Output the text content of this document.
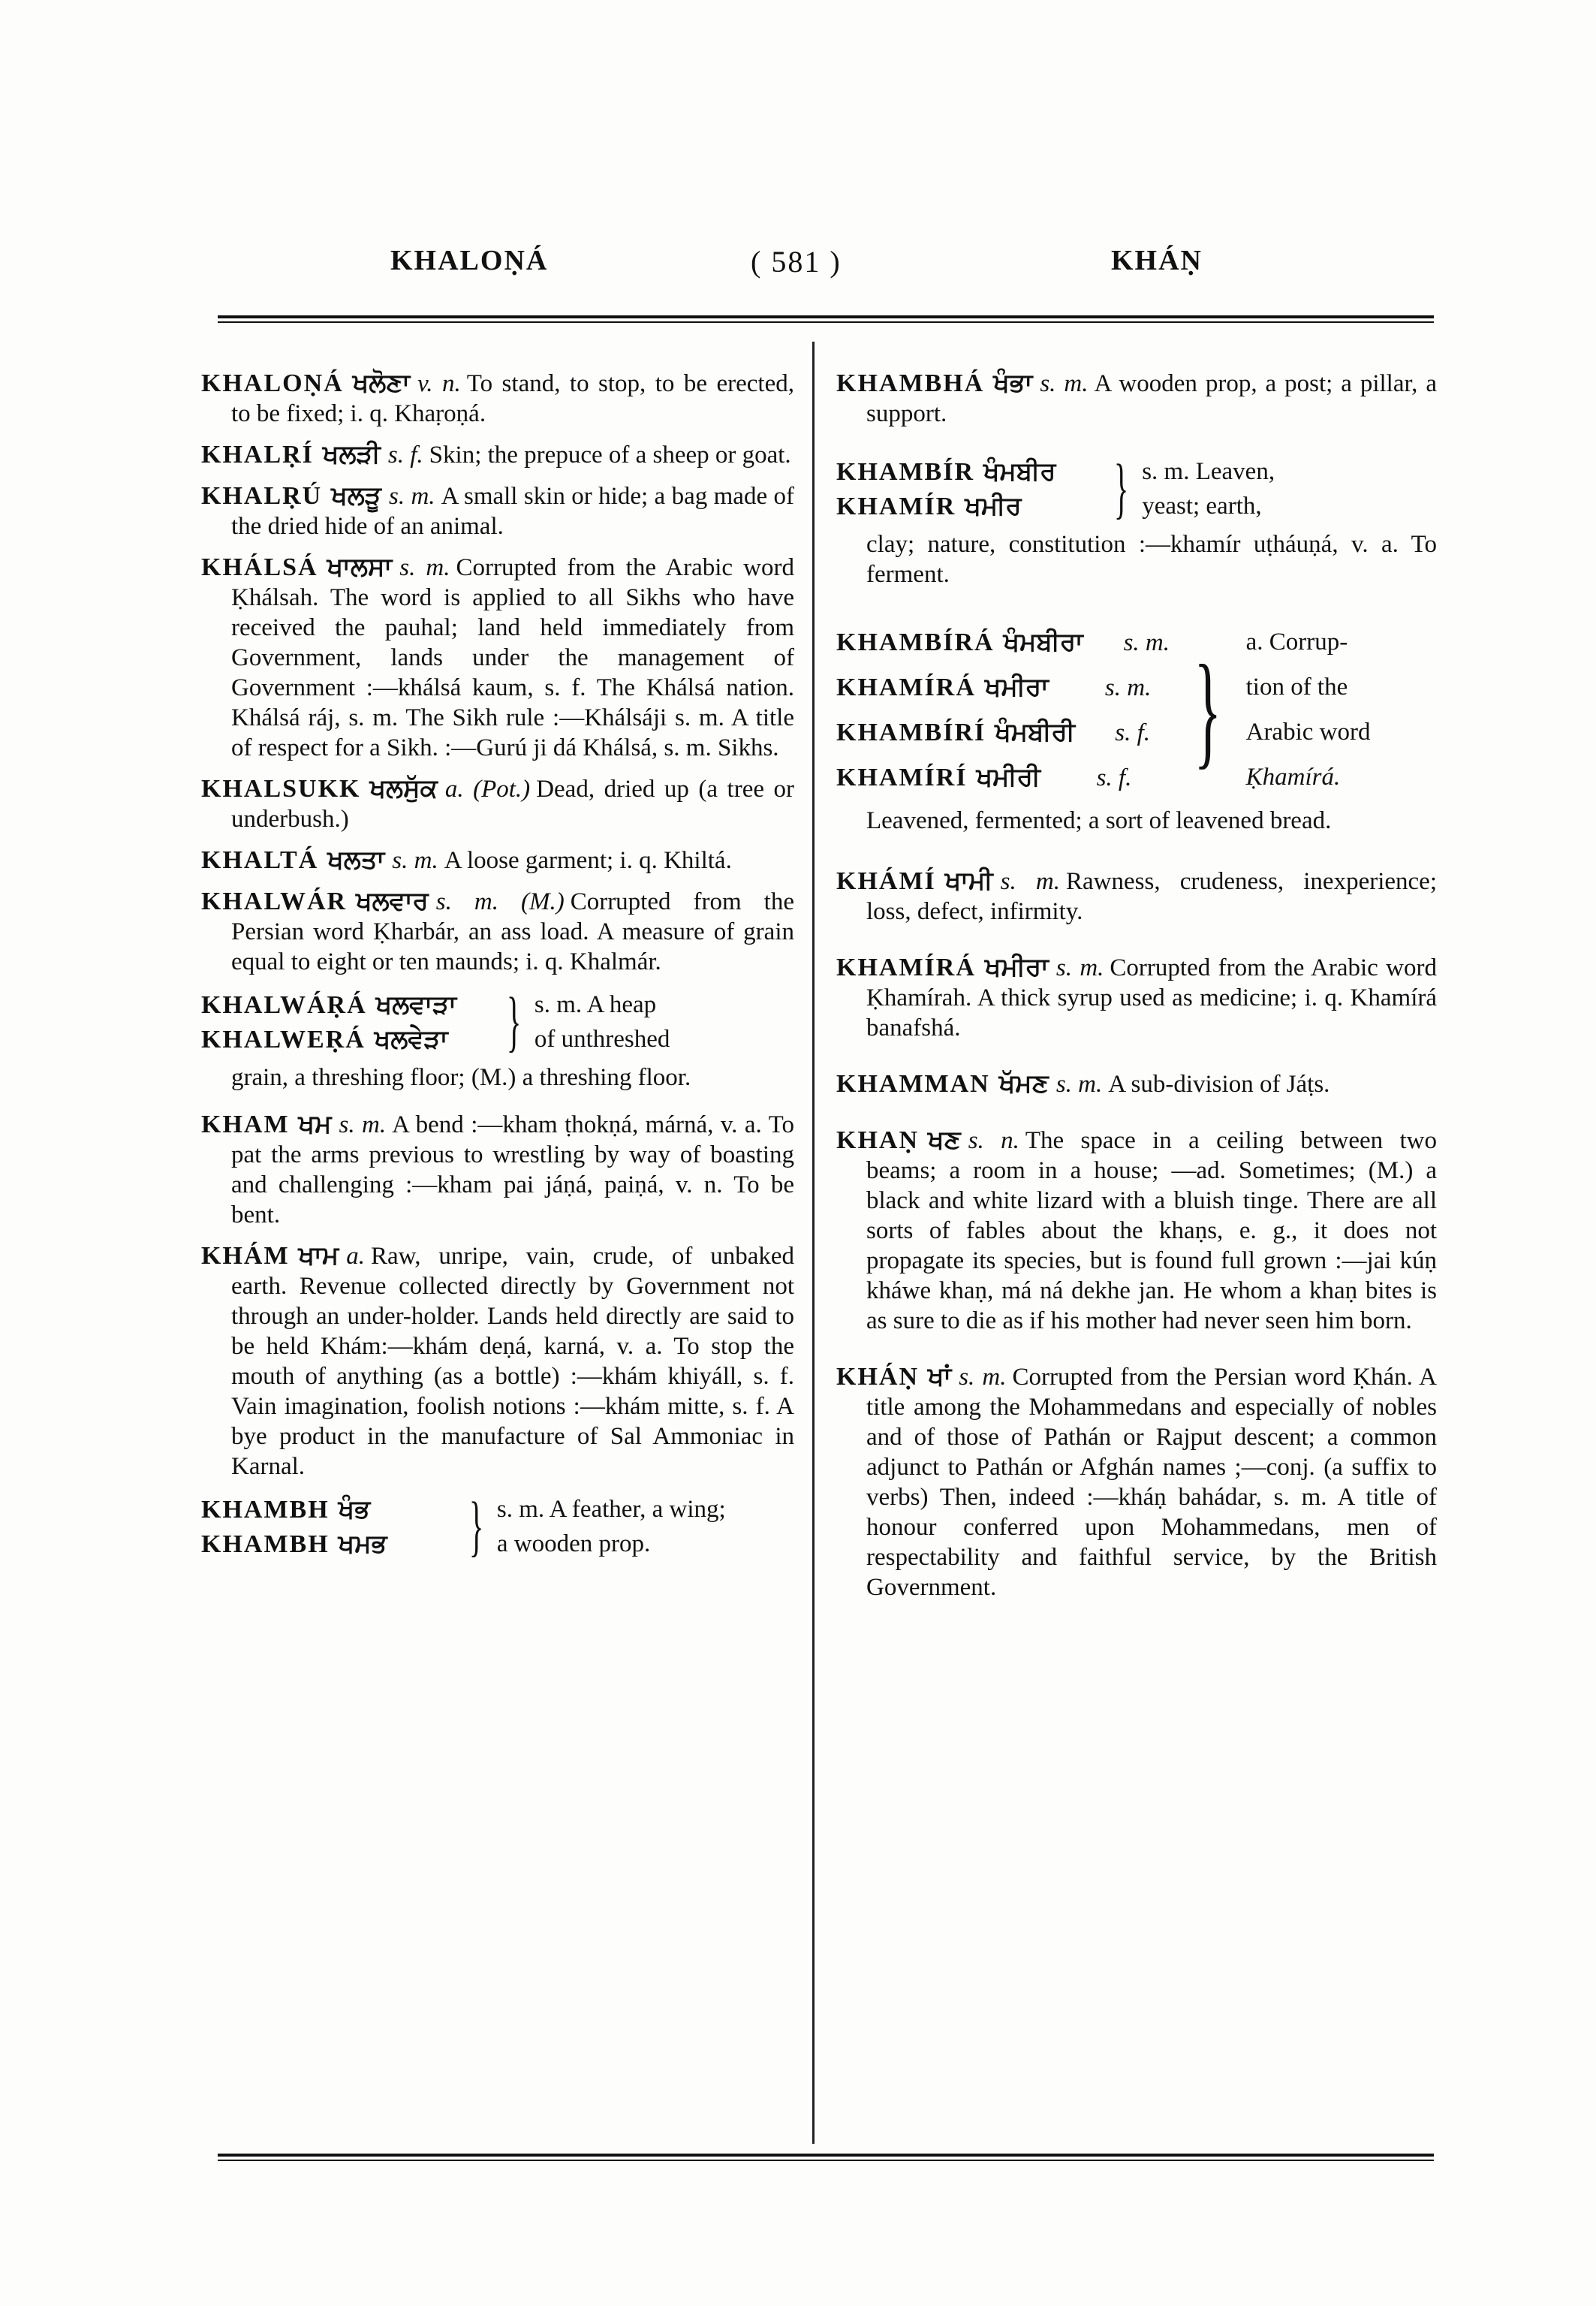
KHALOṆÁ	( 581 )	KHÁṆ

KHALOṆÁ ਖਲੋਣਾ v. n. To stand, to stop, to be erected, to be fixed; i. q. Khaṛoṇá.

KHALṚÍ ਖਲੜੀ s. f. Skin; the prepuce of a sheep or goat.

KHALṚÚ ਖਲੜੂ s. m. A small skin or hide; a bag made of the dried hide of an animal.

KHÁLSÁ ਖਾਲਸਾ s. m. Corrupted from the Arabic word Ḳhálsah. The word is applied to all Sikhs who have received the pauhal; land held immediately from Government, lands under the management of Government :—khálsá kaum, s. f. The Khálsá nation. Khálsá ráj, s. m. The Sikh rule :—Khálsáji s. m. A title of respect for a Sikh. :—Gurú ji dá Khálsá, s. m. Sikhs.

KHALSUKK ਖਲਸੁੱਕ a. (Pot.) Dead, dried up (a tree or underbush.)

KHALTÁ ਖਲਤਾ s. m. A loose garment; i. q. Khiltá.

KHALWÁR ਖਲਵਾਰ s. m. (M.) Corrupted from the Persian word Ḳharbár, an ass load. A measure of grain equal to eight or ten maunds; i. q. Khalmár.

KHALWÁṚÁ ਖਲਵਾੜਾ
KHALWEṚÁ ਖਲਵੇੜਾ } s. m. A heap
of unthreshed

grain, a threshing floor; (M.) a threshing floor.

KHAM ਖਮ s. m. A bend :—kham ṭhokṇá, márná, v. a. To pat the arms previous to wrestling by way of boasting and challenging :—kham pai jáṇá, paiṇá, v. n. To be bent.

KHÁM ਖਾਮ a. Raw, unripe, vain, crude, of unbaked earth. Revenue collected directly by Government not through an under-holder. Lands held directly are said to be held Khám:—khám deṇá, karná, v. a. To stop the mouth of anything (as a bottle) :—khám khiyáll, s. f. Vain imagination, foolish notions :—khám mitte, s. f. A bye product in the manufacture of Sal Ammoniac in Karnal.

KHAMBH ਖੰਭ
KHAMBH ਖਮਭ	} s. m. A feather, a wing;
a wooden prop.

KHAMBHÁ ਖੰਭਾ s. m. A wooden prop, a post; a pillar, a support.

KHAMBÍR ਖੰਮਬੀਰ
KHAMÍR ਖਮੀਰ	} s. m. Leaven,
yeast; earth,

clay; nature, constitution :—khamír uṭháuṇá, v. a. To ferment.

KHAMBÍRÁ ਖੰਮਬੀਰਾ s. m.
KHAMÍRÁ ਖਮੀਰਾ s. m.
KHAMBÍRÍ ਖੰਮਬੀਰੀ s. f.
KHAMÍRÍ ਖਮੀਰੀ s. f. } a. Corrup-
tion of the
Arabic word
Ḳhamírá.

Leavened, fermented; a sort of leavened bread.

KHÁMÍ ਖਾਮੀ s. m. Rawness, crudeness, inexperience; loss, defect, infirmity.

KHAMÍRÁ ਖਮੀਰਾ s. m. Corrupted from the Arabic word Ḳhamírah. A thick syrup used as medicine; i. q. Khamírá banafshá.

KHAMMAN ਖੱਮਣ s. m. A sub-division of Jáṭs.

KHAṆ ਖਣ s. n. The space in a ceiling between two beams; a room in a house; —ad. Sometimes; (M.) a black and white lizard with a bluish tinge. There are all sorts of fables about the khaṇs, e. g., it does not propagate its species, but is found full grown :—jai kúṇ kháwe khaṇ, má ná dekhe jan. He whom a khaṇ bites is as sure to die as if his mother had never seen him born.

KHÁṆ ਖਾਂ s. m. Corrupted from the Persian word Ḳhán. A title among the Mohammedans and especially of nobles and of those of Pathán or Rajput descent; a common adjunct to Pathán or Afghán names ;—conj. (a suffix to verbs) Then, indeed :—kháṇ bahádar, s. m. A title of honour conferred upon Mohammedans, men of respectability and faithful service, by the British Government.
